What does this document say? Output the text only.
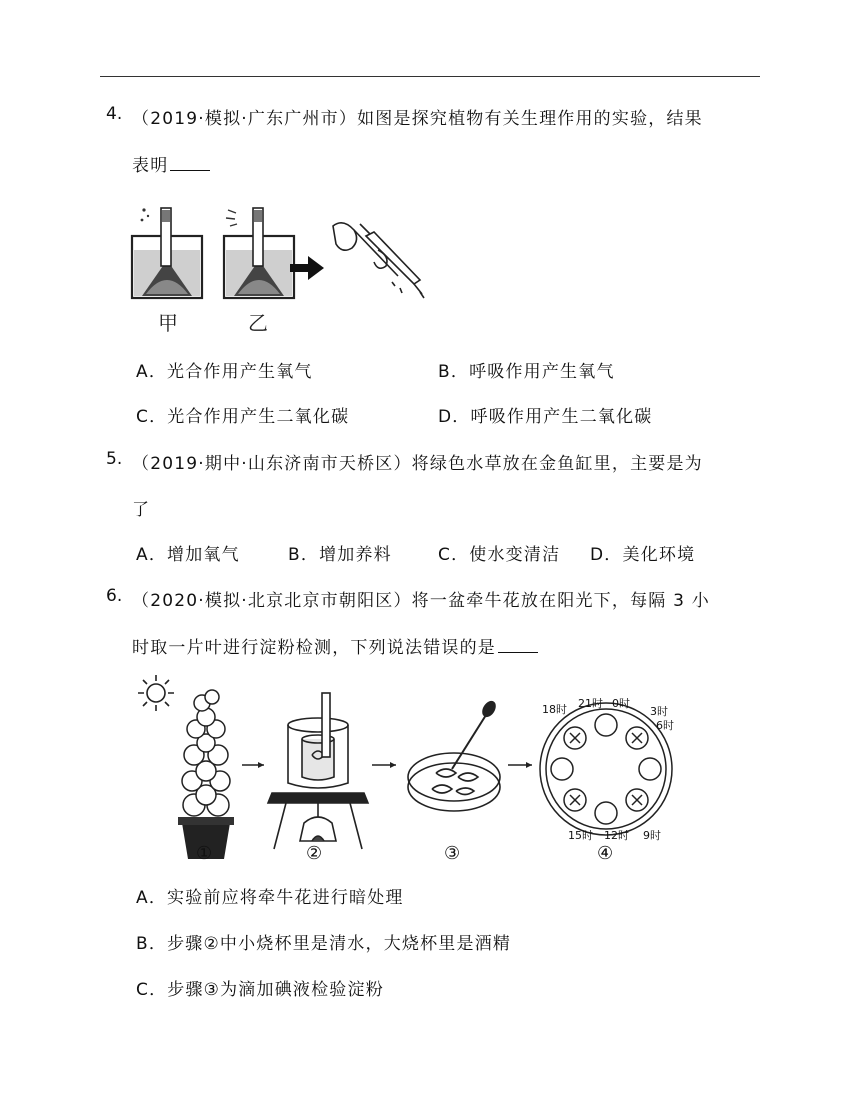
4. （2019·模拟·广东广州市）如图是探究植物有关生理作用的实验，结果
表明
甲	乙
A．光合作用产生氧气	B．呼吸作用产生氧气
C．光合作用产生二氧化碳	D．呼吸作用产生二氧化碳
5. （2019·期中·山东济南市天桥区）将绿色水草放在金鱼缸里，主要是为
了
A．增加氧气	B．增加养料	C．使水变清洁 D．美化环境
6. （2020·模拟·北京北京市朝阳区）将一盆牵牛花放在阳光下，每隔 3 小
时取一片叶进行淀粉检测，下列说法错误的是
18时 21时 0时
3时
6时
9时
12时
15时
①	②	③	④
A．实验前应将牵牛花进行暗处理
B．步骤②中小烧杯里是清水，大烧杯里是酒精
C．步骤③为滴加碘液检验淀粉
